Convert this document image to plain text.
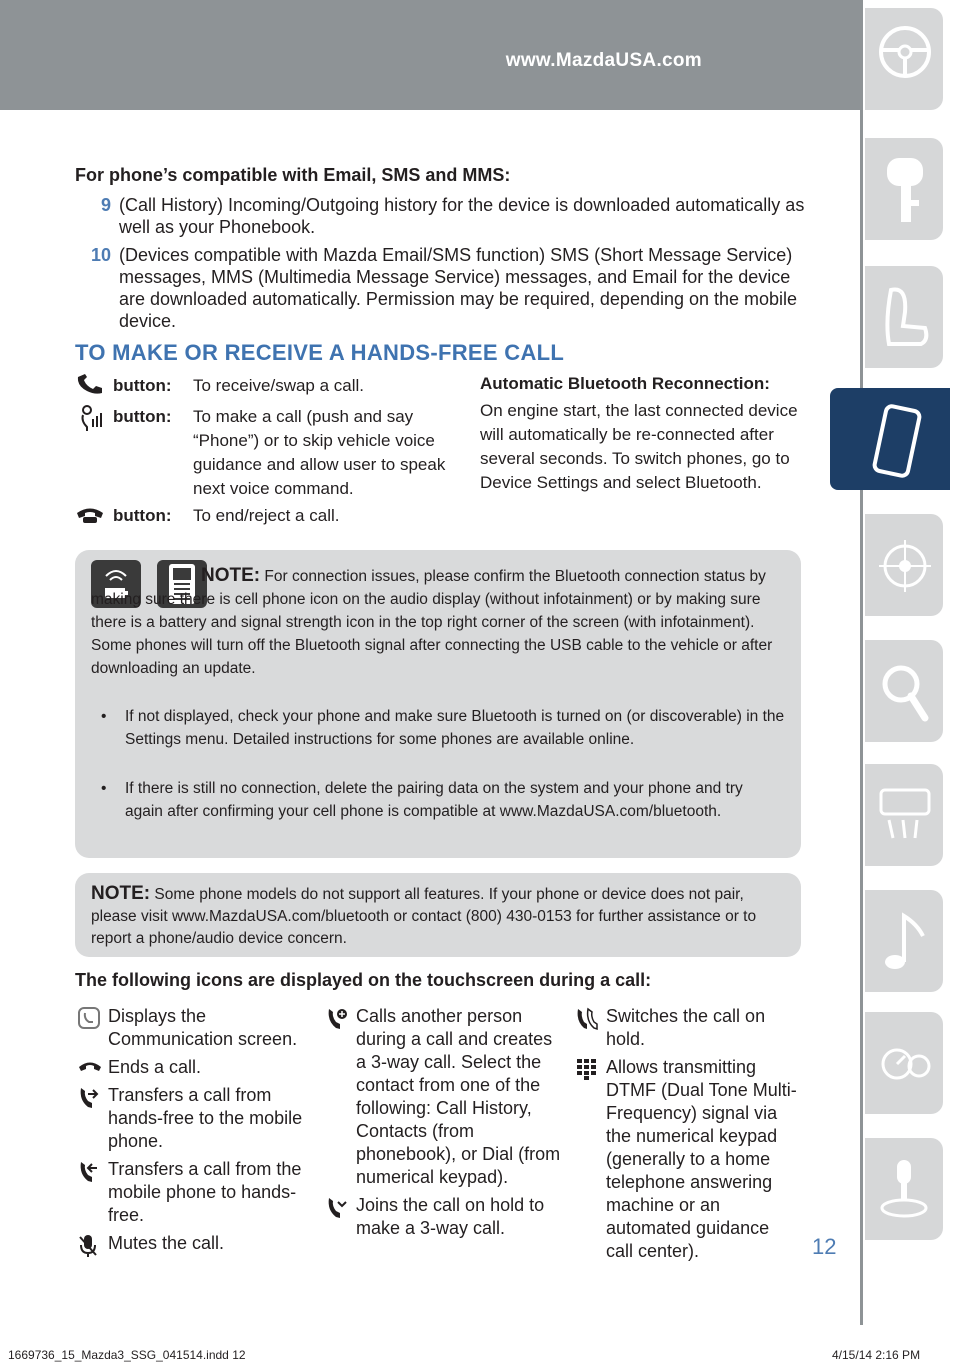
www.MazdaUSA.com
12
For phone’s compatible with Email, SMS and MMS:
9 (Call History) Incoming/Outgoing history for the device is downloaded automatically as well as your Phonebook.
10 (Devices compatible with Mazda Email/SMS function) SMS (Short Message Service) messages, MMS (Multimedia Message Service) messages, and Email for the device are downloaded automatically. Permission may be required, depending on the mobile device.
TO MAKE OR RECEIVE A HANDS-FREE CALL
button: To receive/swap a call.
button: To make a call (push and say “Phone”) or to skip vehicle voice guidance and allow user to speak next voice command.
button: To end/reject a call.
Automatic Bluetooth Reconnection:

On engine start, the last connected device will automatically be re-connected after several seconds. To switch phones, go to Device Settings and select Bluetooth.

NOTE: For connection issues, please confirm the Bluetooth connection status by making sure there is cell phone icon on the audio display (without infotainment) or by making sure there is a battery and signal strength icon in the top right corner of the screen (with infotainment). Some phones will turn off the Bluetooth signal after connecting the USB cable to the vehicle or after downloading an update.
• If not displayed, check your phone and make sure Bluetooth is turned on (or discoverable) in the Settings menu. Detailed instructions for some phones are available online.
• If there is still no connection, delete the pairing data on the system and your phone and try again after confirming your cell phone is compatible at www.MazdaUSA.com/bluetooth.
NOTE: Some phone models do not support all features. If your phone or device does not pair, please visit www.MazdaUSA.com/bluetooth or contact (800) 430-0153 for further assistance or to report a phone/audio device concern.
The following icons are displayed on the touchscreen during a call:
Displays the Communication screen.
Ends a call.
Transfers a call from hands-free to the mobile phone.
Transfers a call from the mobile phone to hands-free.
Mutes the call.
Calls another person during a call and creates a 3-way call. Select the contact from one of the following: Call History, Contacts (from phonebook), or Dial (from numerical keypad).
Joins the call on hold to make a 3-way call.
Switches the call on hold.
Allows transmitting DTMF (Dual Tone Multi-Frequency) signal via the numerical keypad (generally to a home telephone answering machine or an automated guidance call center).
1669736_15_Mazda3_SSG_041514.indd 12	4/15/14 2:16 PM
